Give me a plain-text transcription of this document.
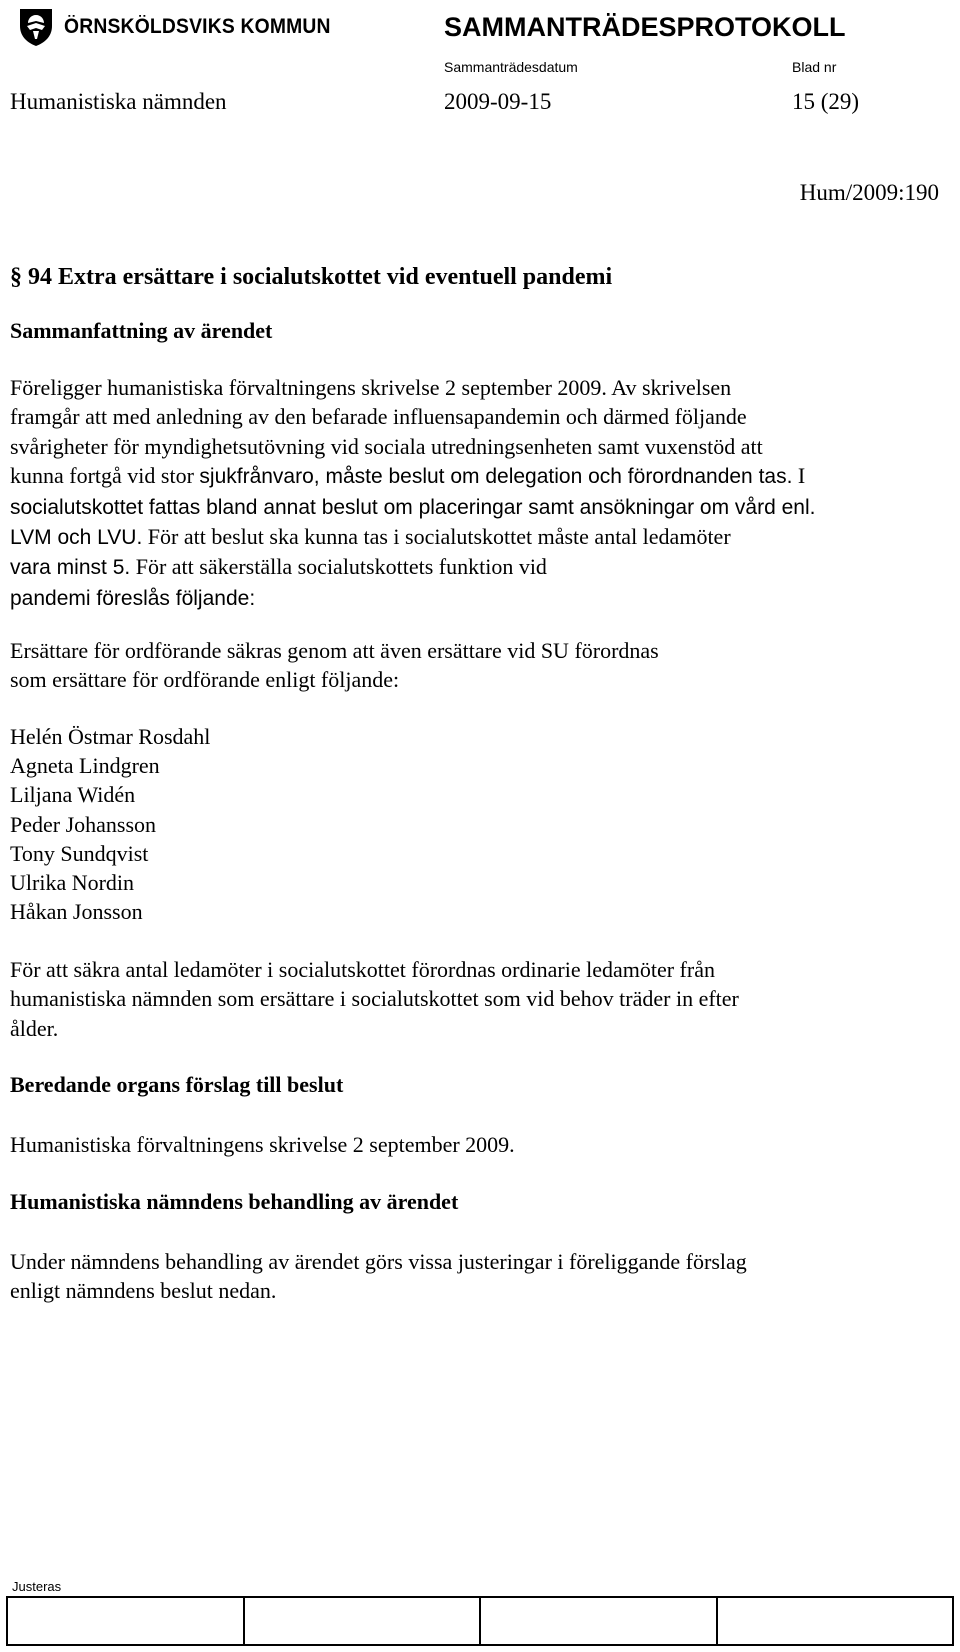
ÖRNSKÖLDSVIKS KOMMUN	SAMMANTRÄDESPROTOKOLL
Sammanträdesdatum	Blad nr
Humanistiska nämnden	2009-09-15	15 (29)
Hum/2009:190
§ 94 Extra ersättare i socialutskottet vid eventuell pandemi
Sammanfattning av ärendet
Föreligger humanistiska förvaltningens skrivelse 2 september 2009. Av skrivelsen
framgår att med anledning av den befarade influensapandemin och därmed följande
svårigheter för myndighetsutövning vid sociala utredningsenheten samt vuxenstöd att
kunna fortgå vid stor sjukfrånvaro, måste beslut om delegation och förordnanden tas. I
socialutskottet fattas bland annat beslut om placeringar samt ansökningar om vård enl.
LVM och LVU. För att beslut ska kunna tas i socialutskottet måste antal ledamöter
vara minst 5. För att säkerställa socialutskottets funktion vid
pandemi föreslås följande:
Ersättare för ordförande säkras genom att även ersättare vid SU förordnas
som ersättare för ordförande enligt följande:
Helén Östmar Rosdahl
Agneta Lindgren
Liljana Widén
Peder Johansson
Tony Sundqvist
Ulrika Nordin
Håkan Jonsson
För att säkra antal ledamöter i socialutskottet förordnas ordinarie ledamöter från
humanistiska nämnden som ersättare i socialutskottet som vid behov träder in efter
ålder.
Beredande organs förslag till beslut
Humanistiska förvaltningens skrivelse 2 september 2009.
Humanistiska nämndens behandling av ärendet
Under nämndens behandling av ärendet görs vissa justeringar i föreliggande förslag
enligt nämndens beslut nedan.
Justeras
